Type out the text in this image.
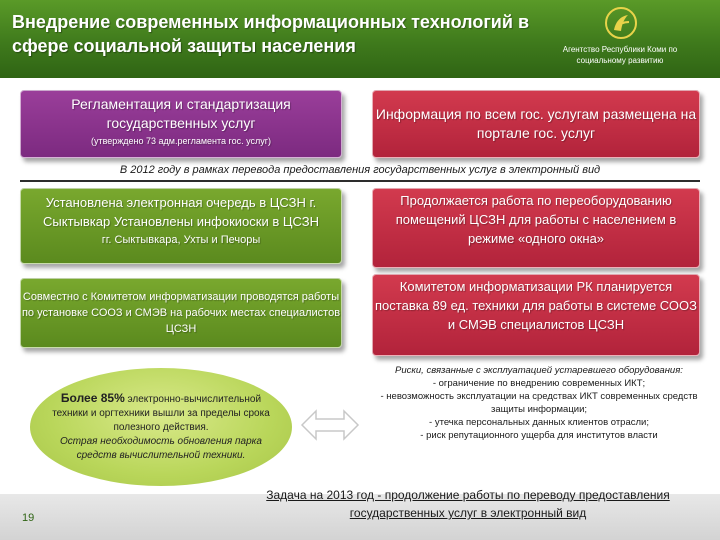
Внедрение современных информационных технологий в сфере социальной защиты населения	Агентство Республики Коми по социальному развитию
Регламентация и стандартизация государственных услуг
(утверждено 73 адм.регламента гос. услуг)
Информация по всем гос. услугам размещена на портале гос. услуг
В 2012 году в рамках перевода предоставления государственных услуг в электронный вид
Установлена электронная очередь в ЦСЗН г. Сыктывкар Установлены инфокиоски в ЦСЗН
гг. Сыктывкара, Ухты и Печоры
Продолжается работа по переоборудованию помещений ЦСЗН для работы с населением в режиме «одного окна»
Совместно с Комитетом информатизации проводятся работы по установке СООЗ и СМЭВ на рабочих местах специалистов ЦСЗН
Комитетом информатизации РК планируется поставка 89 ед. техники для работы в системе СООЗ и СМЭВ специалистов ЦСЗН
Более 85% электронно-вычислительной техники и оргтехники вышли за пределы срока полезного действия.
Острая необходимость обновления парка средств вычислительной техники.
Риски, связанные с эксплуатацией устаревшего оборудования:
- ограничение по внедрению современных ИКТ;
- невозможность эксплуатации на средствах ИКТ современных средств защиты информации;
- утечка персональных данных клиентов отрасли;
- риск репутационного ущерба для институтов власти
19
Задача на 2013 год - продолжение работы по переводу предоставления государственных услуг в электронный вид
